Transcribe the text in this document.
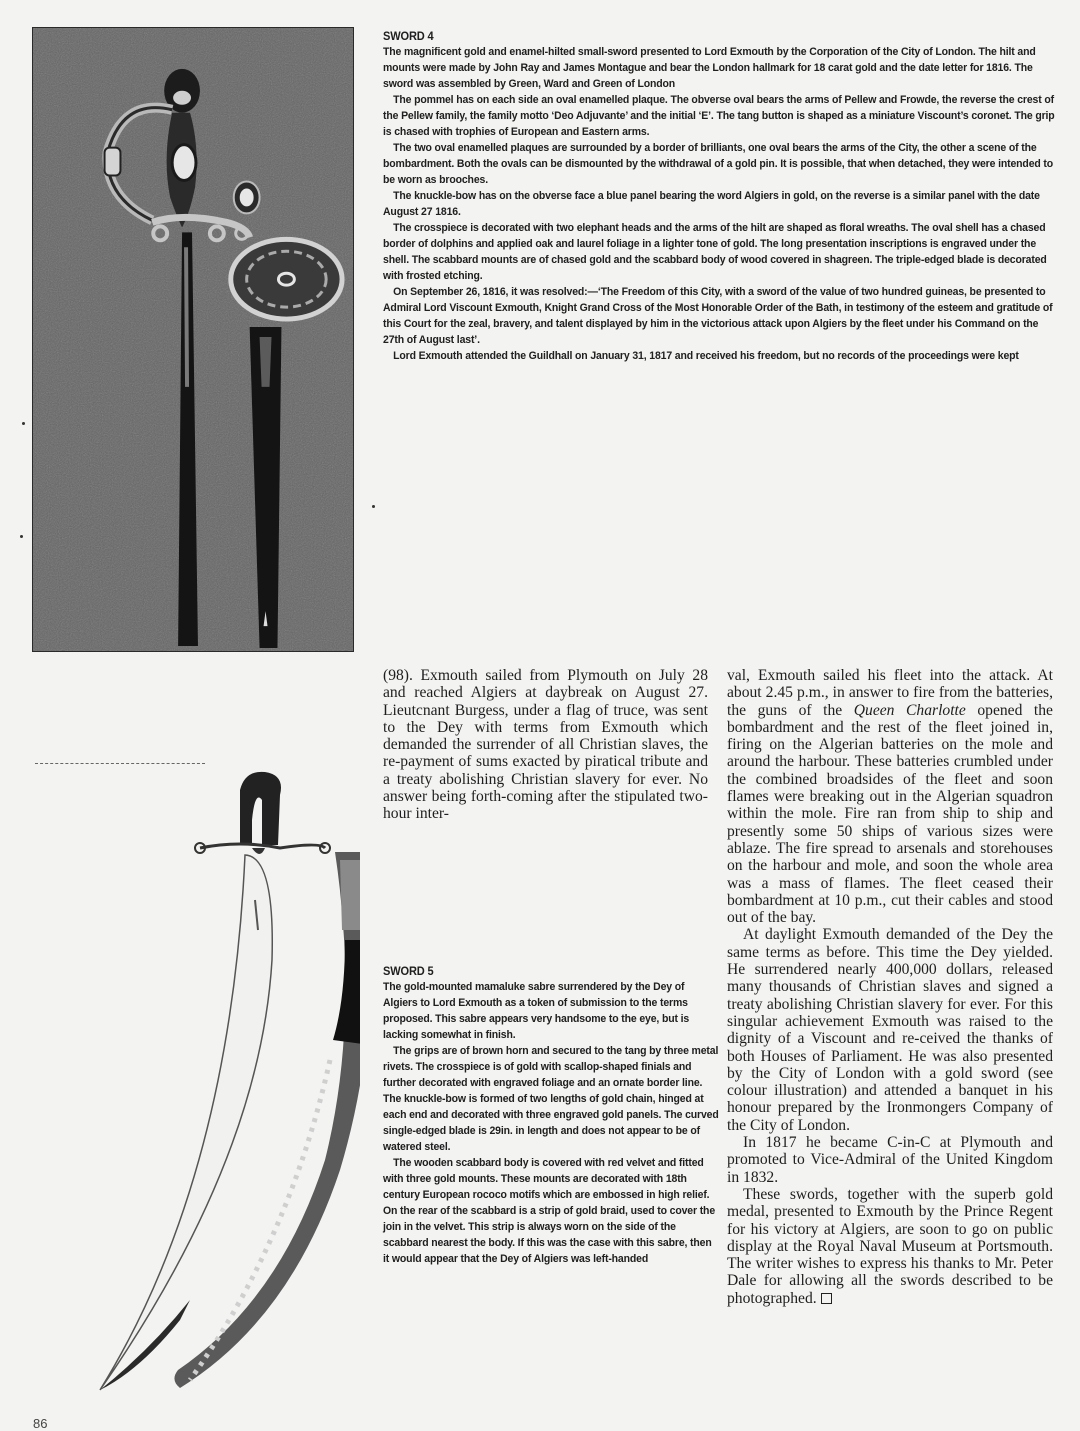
SWORD 4

The magnificent gold and enamel-hilted small-sword presented to Lord Exmouth by the Corporation of the City of London. The hilt and mounts were made by John Ray and James Montague and bear the London hallmark for 18 carat gold and the date letter for 1816. The sword was assembled by Green, Ward and Green of London

The pommel has on each side an oval enamelled plaque. The obverse oval bears the arms of Pellew and Frowde, the reverse the crest of the Pellew family, the family motto ‘Deo Adjuvante’ and the initial ‘E’. The tang button is shaped as a miniature Viscount’s coronet. The grip is chased with trophies of European and Eastern arms.

The two oval enamelled plaques are surrounded by a border of brilliants, one oval bears the arms of the City, the other a scene of the bombardment. Both the ovals can be dismounted by the withdrawal of a gold pin. It is possible, that when detached, they were intended to be worn as brooches.

The knuckle-bow has on the obverse face a blue panel bearing the word Algiers in gold, on the reverse is a similar panel with the date August 27 1816.

The crosspiece is decorated with two elephant heads and the arms of the hilt are shaped as floral wreaths. The oval shell has a chased border of dolphins and applied oak and laurel foliage in a lighter tone of gold. The long presentation inscriptions is engraved under the shell. The scabbard mounts are of chased gold and the scabbard body of wood covered in shagreen. The triple-edged blade is decorated with frosted etching.

On September 26, 1816, it was resolved:—‘The Freedom of this City, with a sword of the value of two hundred guineas, be presented to Admiral Lord Viscount Exmouth, Knight Grand Cross of the Most Honorable Order of the Bath, in testimony of the esteem and gratitude of this Court for the zeal, bravery, and talent displayed by him in the victorious attack upon Algiers by the fleet under his Command on the 27th of August last’.

Lord Exmouth attended the Guildhall on January 31, 1817 and received his freedom, but no records of the proceedings were kept

(98). Exmouth sailed from Plymouth on July 28 and reached Algiers at daybreak on August 27. Lieutcnant Burgess, under a flag of truce, was sent to the Dey with terms from Exmouth which demanded the surrender of all Christian slaves, the re-payment of sums exacted by piratical tribute and a treaty abolishing Christian slavery for ever. No answer being forth-coming after the stipulated two-hour inter-

SWORD 5

The gold-mounted mamaluke sabre surrendered by the Dey of Algiers to Lord Exmouth as a token of submission to the terms proposed. This sabre appears very handsome to the eye, but is lacking somewhat in finish.

The grips are of brown horn and secured to the tang by three metal rivets. The crosspiece is of gold with scallop-shaped finials and further decorated with engraved foliage and an ornate border line. The knuckle-bow is formed of two lengths of gold chain, hinged at each end and decorated with three engraved gold panels. The curved single-edged blade is 29in. in length and does not appear to be of watered steel.

The wooden scabbard body is covered with red velvet and fitted with three gold mounts. These mounts are decorated with 18th century European rococo motifs which are embossed in high relief. On the rear of the scabbard is a strip of gold braid, used to cover the join in the velvet. This strip is always worn on the side of the scabbard nearest the body. If this was the case with this sabre, then it would appear that the Dey of Algiers was left-handed

val, Exmouth sailed his fleet into the attack. At about 2.45 p.m., in answer to fire from the batteries, the guns of the Queen Charlotte opened the bombardment and the rest of the fleet joined in, firing on the Algerian batteries on the mole and around the harbour. These batteries crumbled under the combined broadsides of the fleet and soon flames were breaking out in the Algerian squadron within the mole. Fire ran from ship to ship and presently some 50 ships of various sizes were ablaze. The fire spread to arsenals and storehouses on the harbour and mole, and soon the whole area was a mass of flames. The fleet ceased their bombardment at 10 p.m., cut their cables and stood out of the bay.

At daylight Exmouth demanded of the Dey the same terms as before. This time the Dey yielded. He surrendered nearly 400,000 dollars, released many thousands of Christian slaves and signed a treaty abolishing Christian slavery for ever. For this singular achievement Exmouth was raised to the dignity of a Viscount and re-ceived the thanks of both Houses of Parliament. He was also presented by the City of London with a gold sword (see colour illustration) and attended a banquet in his honour prepared by the Ironmongers Company of the City of London.

In 1817 he became C-in-C at Plymouth and promoted to Vice-Admiral of the United Kingdom in 1832.

These swords, together with the superb gold medal, presented to Exmouth by the Prince Regent for his victory at Algiers, are soon to go on public display at the Royal Naval Museum at Portsmouth. The writer wishes to express his thanks to Mr. Peter Dale for allowing all the swords described to be photographed.

86
